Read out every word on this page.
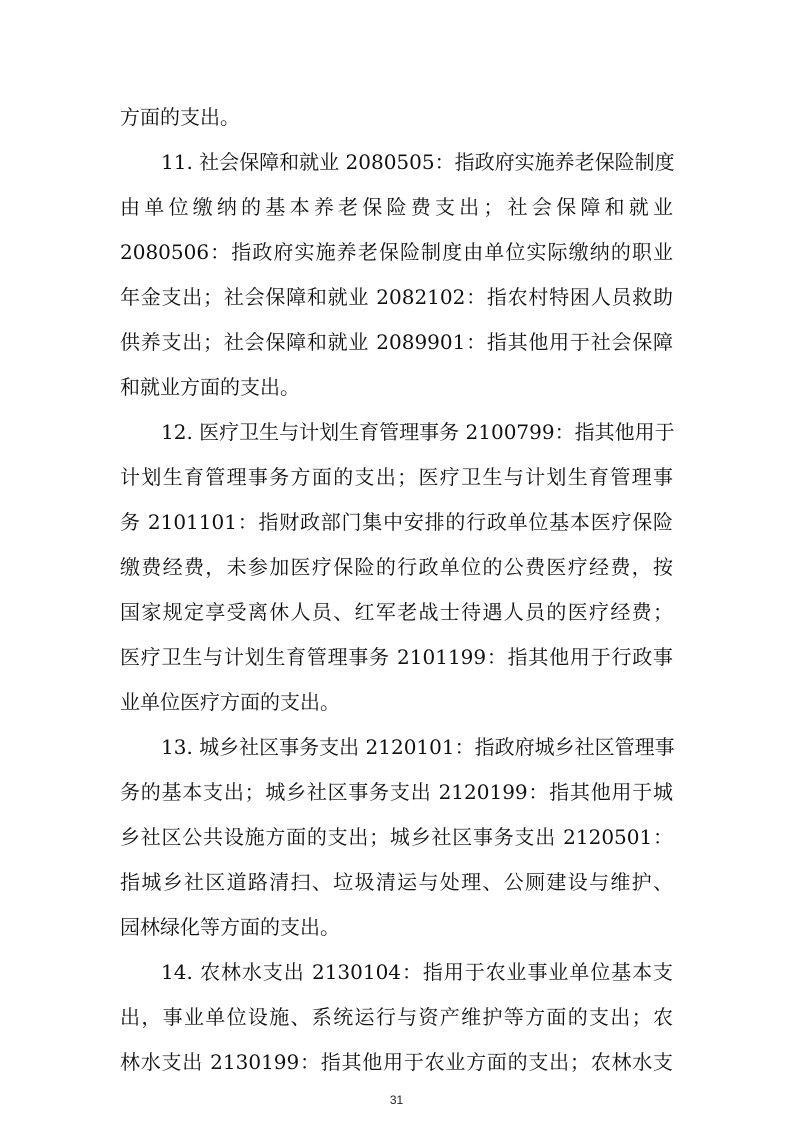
方面的支出。
11. 社会保障和就业 2080505：指政府实施养老保险制度
由单位缴纳的基本养老保险费支出；社会保障和就业
2080506：指政府实施养老保险制度由单位实际缴纳的职业
年金支出；社会保障和就业 2082102：指农村特困人员救助
供养支出；社会保障和就业 2089901：指其他用于社会保障
和就业方面的支出。
12. 医疗卫生与计划生育管理事务 2100799：指其他用于
计划生育管理事务方面的支出；医疗卫生与计划生育管理事
务 2101101：指财政部门集中安排的行政单位基本医疗保险
缴费经费，未参加医疗保险的行政单位的公费医疗经费，按
国家规定享受离休人员、红军老战士待遇人员的医疗经费；
医疗卫生与计划生育管理事务 2101199：指其他用于行政事
业单位医疗方面的支出。
13. 城乡社区事务支出 2120101：指政府城乡社区管理事
务的基本支出；城乡社区事务支出 2120199：指其他用于城
乡社区公共设施方面的支出；城乡社区事务支出 2120501：
指城乡社区道路清扫、垃圾清运与处理、公厕建设与维护、
园林绿化等方面的支出。
14. 农林水支出 2130104：指用于农业事业单位基本支
出，事业单位设施、系统运行与资产维护等方面的支出；农
林水支出 2130199：指其他用于农业方面的支出；农林水支
31
